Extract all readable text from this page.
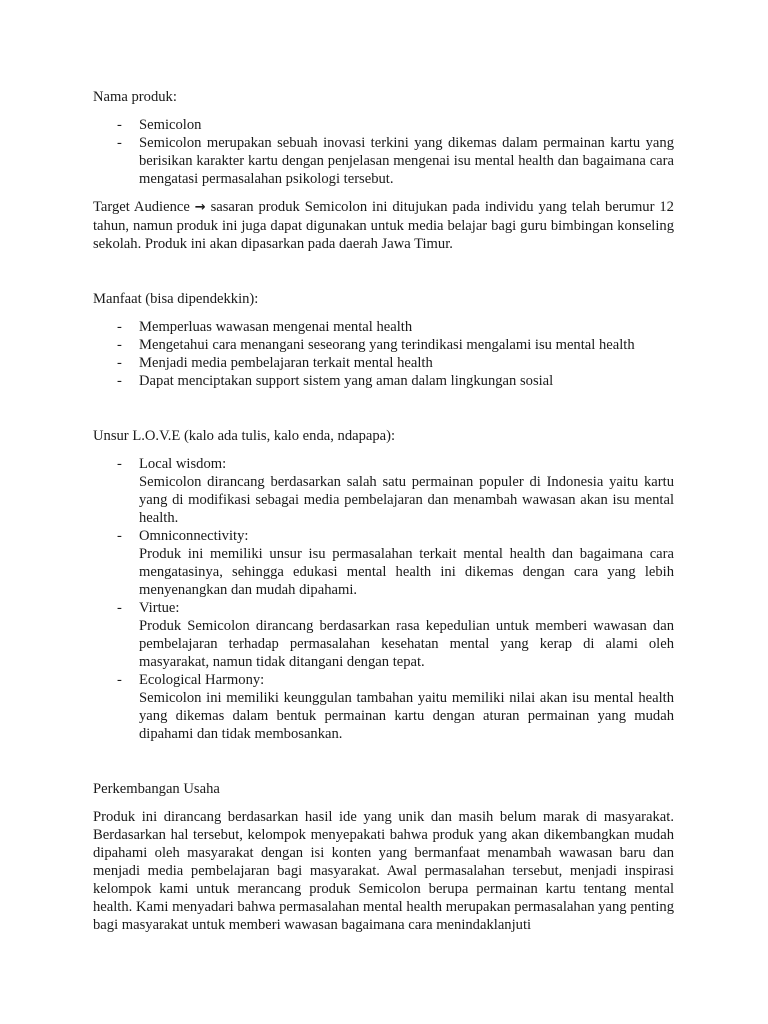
Nama produk:

- Semicolon
- Semicolon merupakan sebuah inovasi terkini yang dikemas dalam permainan kartu yang berisikan karakter kartu dengan penjelasan mengenai isu mental health dan bagaimana cara mengatasi permasalahan psikologi tersebut.

Target Audience → sasaran produk Semicolon ini ditujukan pada individu yang telah berumur 12 tahun, namun produk ini juga dapat digunakan untuk media belajar bagi guru bimbingan konseling sekolah. Produk ini akan dipasarkan pada daerah Jawa Timur.

Manfaat (bisa dipendekkin):

- Memperluas wawasan mengenai mental health
- Mengetahui cara menangani seseorang yang terindikasi mengalami isu mental health
- Menjadi media pembelajaran terkait mental health
- Dapat menciptakan support sistem yang aman dalam lingkungan sosial

Unsur L.O.V.E (kalo ada tulis, kalo enda, ndapapa):

- Local wisdom:
Semicolon dirancang berdasarkan salah satu permainan populer di Indonesia yaitu kartu yang di modifikasi sebagai media pembelajaran dan menambah wawasan akan isu mental health.
- Omniconnectivity:
Produk ini memiliki unsur isu permasalahan terkait mental health dan bagaimana cara mengatasinya, sehingga edukasi mental health ini dikemas dengan cara yang lebih menyenangkan dan mudah dipahami.
- Virtue:
Produk Semicolon dirancang berdasarkan rasa kepedulian untuk memberi wawasan dan pembelajaran terhadap permasalahan kesehatan mental yang kerap di alami oleh masyarakat, namun tidak ditangani dengan tepat.
- Ecological Harmony:
Semicolon ini memiliki keunggulan tambahan yaitu memiliki nilai akan isu mental health yang dikemas dalam bentuk permainan kartu dengan aturan permainan yang mudah dipahami dan tidak membosankan.

Perkembangan Usaha

Produk ini dirancang berdasarkan hasil ide yang unik dan masih belum marak di masyarakat. Berdasarkan hal tersebut, kelompok menyepakati bahwa produk yang akan dikembangkan mudah dipahami oleh masyarakat dengan isi konten yang bermanfaat menambah wawasan baru dan menjadi media pembelajaran bagi masyarakat. Awal permasalahan tersebut, menjadi inspirasi kelompok kami untuk merancang produk Semicolon berupa permainan kartu tentang mental health. Kami menyadari bahwa permasalahan mental health merupakan permasalahan yang penting bagi masyarakat untuk memberi wawasan bagaimana cara menindaklanjuti
